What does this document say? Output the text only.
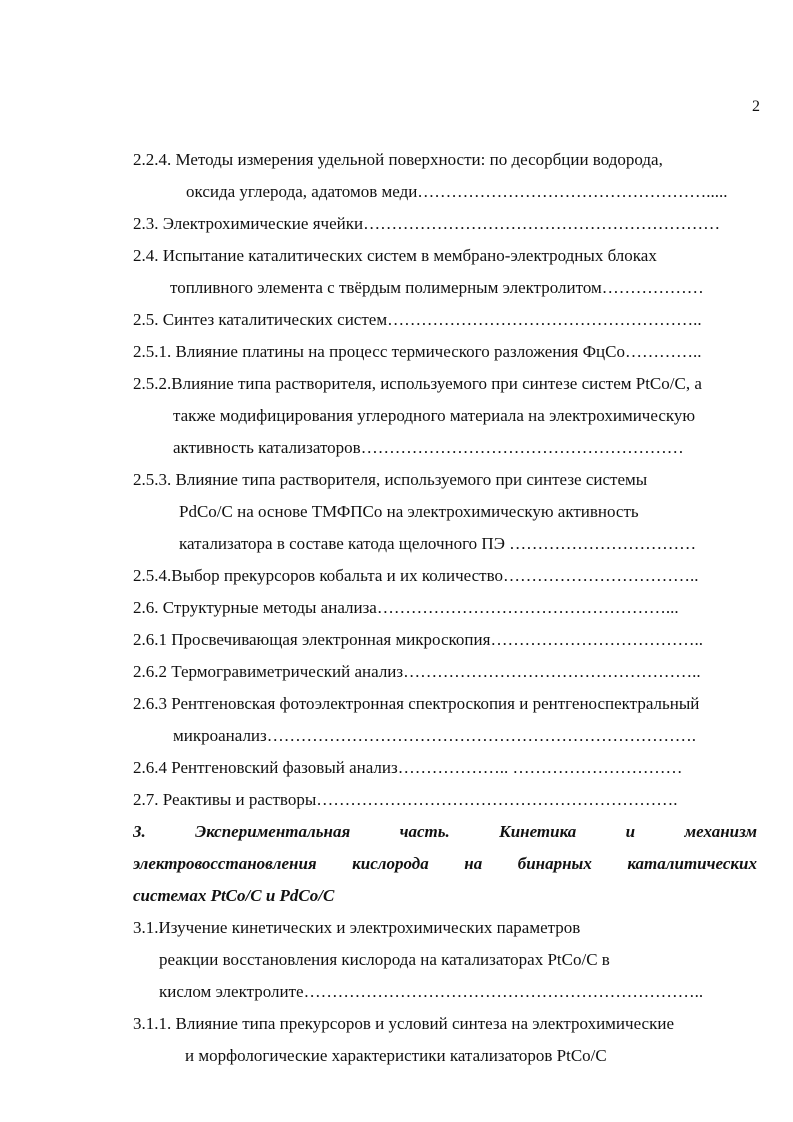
2
2.2.4. Методы измерения удельной поверхности: по десорбции водорода,
оксида углерода, адатомов меди…………………………………………….....
2.3. Электрохимические ячейки………………………………………………………
2.4. Испытание каталитических систем в мембрано-электродных блоках
топливного элемента с твёрдым полимерным электролитом………………
2.5. Синтез каталитических систем………………………………………………..
2.5.1. Влияние платины на процесс термического разложения ФцСо…………..
2.5.2.Влияние типа растворителя, используемого при синтезе систем PtCo/C, а
также модифицирования углеродного материала на электрохимическую
активность катализаторов…………………………………………………
2.5.3. Влияние типа растворителя, используемого при синтезе системы
PdCo/C на основе ТМФПСо на электрохимическую активность
катализатора в составе катода щелочного ПЭ ……………………………
2.5.4.Выбор прекурсоров кобальта и их количество……………………………..
2.6. Структурные методы анализа……………………………………………...
2.6.1 Просвечивающая электронная микроскопия………………………………..
2.6.2 Термогравиметрический анализ……………………………………………..
2.6.3 Рентгеновская фотоэлектронная спектроскопия и рентгеноспектральный
микроанализ………………………………………………………………….
2.6.4 Рентгеновский фазовый анализ……………….. …………………………
2.7. Реактивы и растворы……………………………………………………….
3. Экспериментальная часть. Кинетика и механизм
электровосстановления кислорода на бинарных каталитических
системах PtCo/C и PdCo/C
3.1.Изучение кинетических и электрохимических параметров
реакции восстановления кислорода на катализаторах PtCo/C в
кислом электролите……………………………………………………………..
3.1.1. Влияние типа прекурсоров и условий синтеза на электрохимические
и морфологические характеристики катализаторов PtCo/C
